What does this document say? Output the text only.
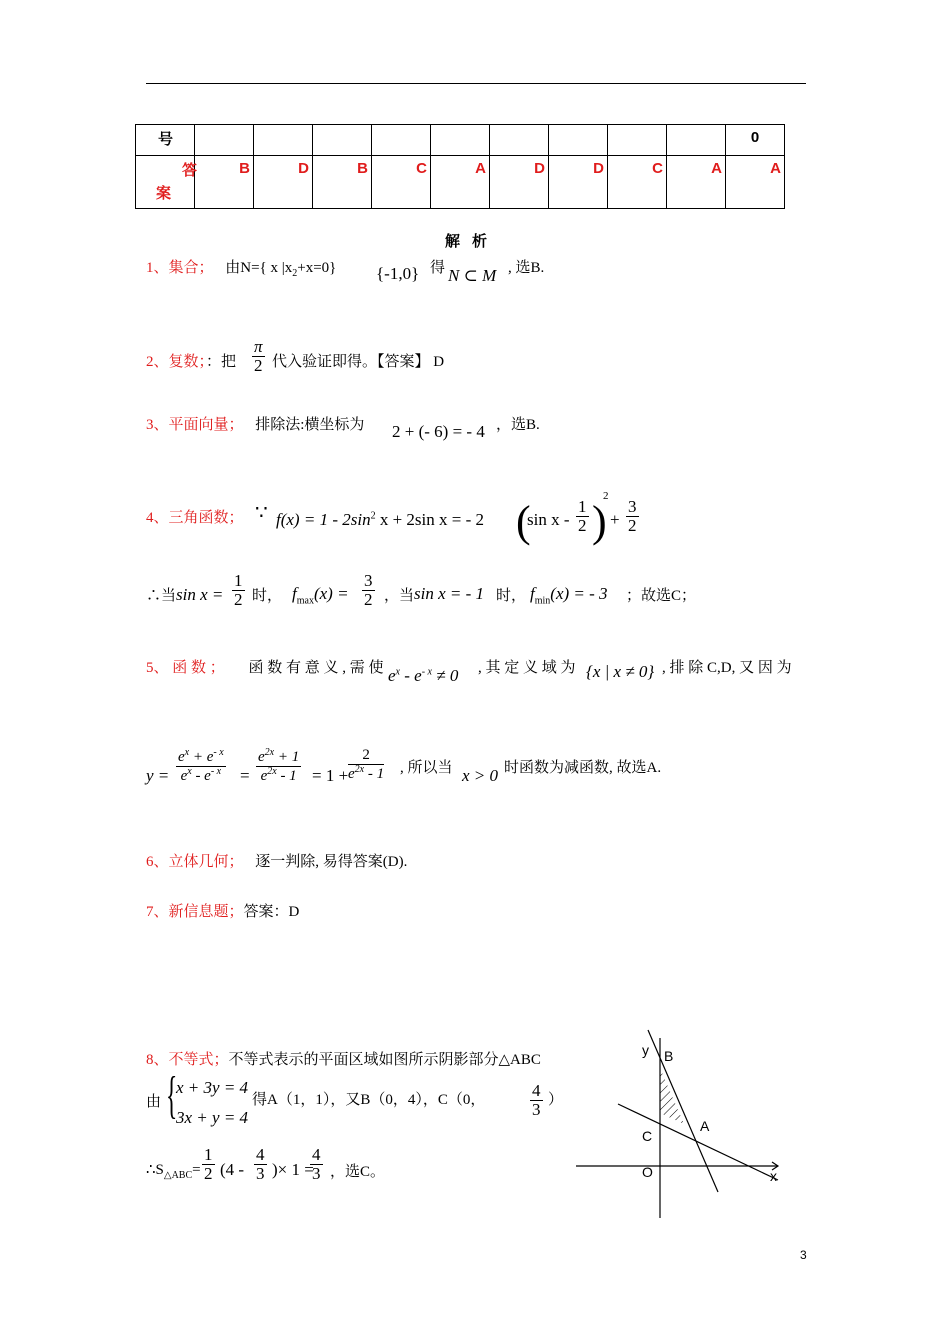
号										0

答
案	B	D	B	C	A	D	D	C	A	A
解析
1、集合； 由N={ x $|x_2+x=0$} {-1,0} 得 N ⊂ M , 选B.
2、复数；：把 $\frac{\pi}{2}$ 代入验证即得。【答案】 D
3、平面向量； 排除法:横坐标为 2 + (- 6) = - 4 ，选B.
4、三角函数； ∵ $f(x) = 1 - 2\sin^2$ x + 2sin x = - 2 (
sin x - $\frac{1}{2}$ )
2
+ $\frac{3}{2}$
∴当$\sin x = \frac{1}{2}$ 时， $f_{max}(x) = \frac{3}{2}$ ，当 sin x = - 1 时， $f_{min}(x)$ = - 3 ；故选C；
5、 函 数 ； 函 数 有 意 义 , 需 使 $e^x - e^{- x} \ne 0$ , 其 定 义 域 为 {x | x ≠ 0} , 排 除 C,D, 又 因 为
$y = \frac{e^x + e^{- x}}{e^x - e^{- x}} = \frac{e^{2x} + 1}{e^{2x} - 1} = 1 + \frac{2}{e^{2x} - 1}$ , 所以当 x > 0 时函数为减函数, 故选A.
6、立体几何； 逐一判除, 易得答案(D).
7、新信息题；答案：D
8、不等式；不等式表示的平面区域如图所示阴影部分△ABC
由 {
x + 3y = 4
3x + y = 4
得A（1，1），又B（0，4），C（0，	$\frac{4}{3}$ ）
$\therefore S_{\triangle ABC}= \frac{1}{2} (4 - \frac{4}{3}$ )× 1 =
$\frac{4}{3}$ ，选C。
y B
A
C
O	x
3
